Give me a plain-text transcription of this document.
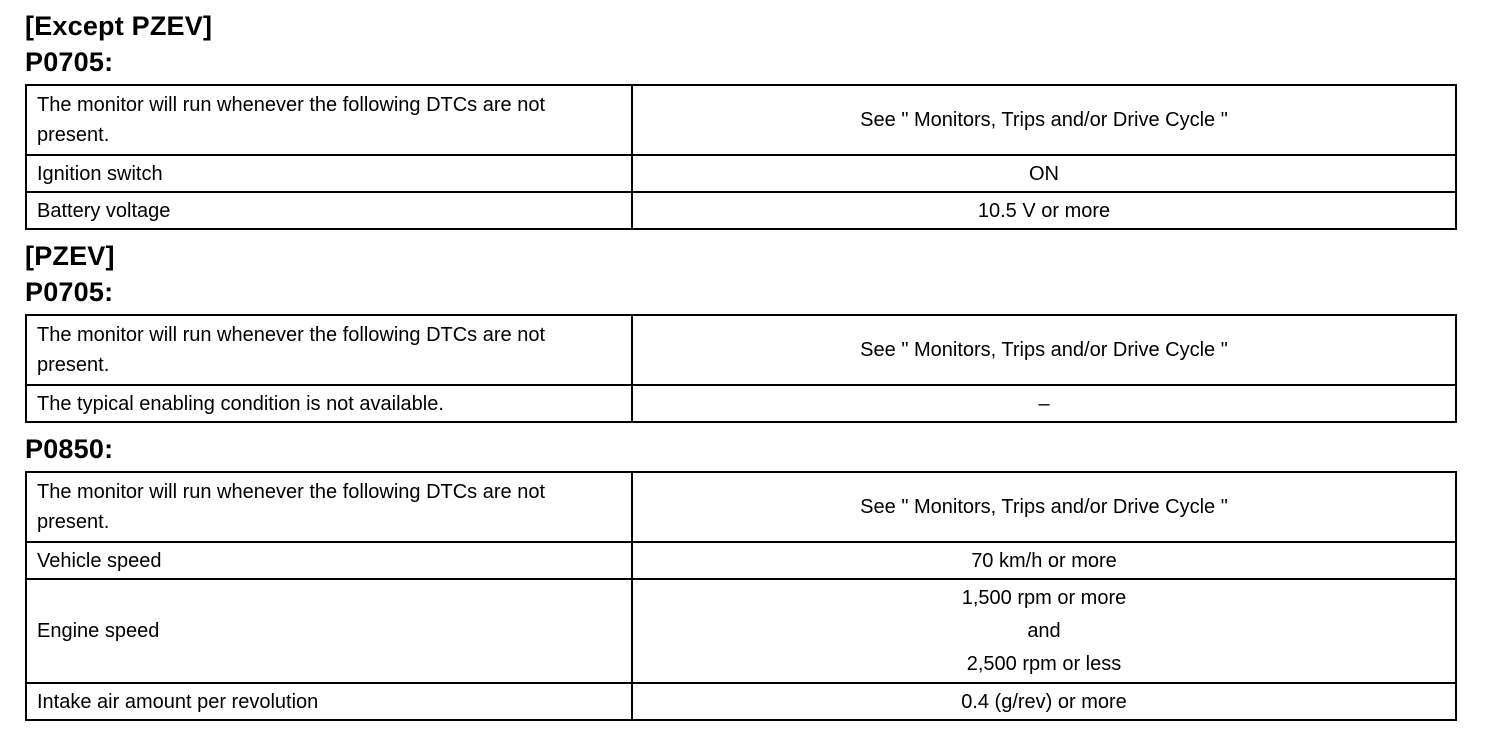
[Except PZEV]
P0705:
The monitor will run whenever the following DTCs are not present.	See " Monitors, Trips and/or Drive Cycle "
Ignition switch	ON
Battery voltage	10.5 V or more
[PZEV]
P0705:
The monitor will run whenever the following DTCs are not present.	See " Monitors, Trips and/or Drive Cycle "
The typical enabling condition is not available.	–
P0850:
The monitor will run whenever the following DTCs are not present.	See " Monitors, Trips and/or Drive Cycle "
Vehicle speed	70 km/h or more
Engine speed	1,500 rpm or more
and
2,500 rpm or less

Intake air amount per revolution	0.4 (g/rev) or more
